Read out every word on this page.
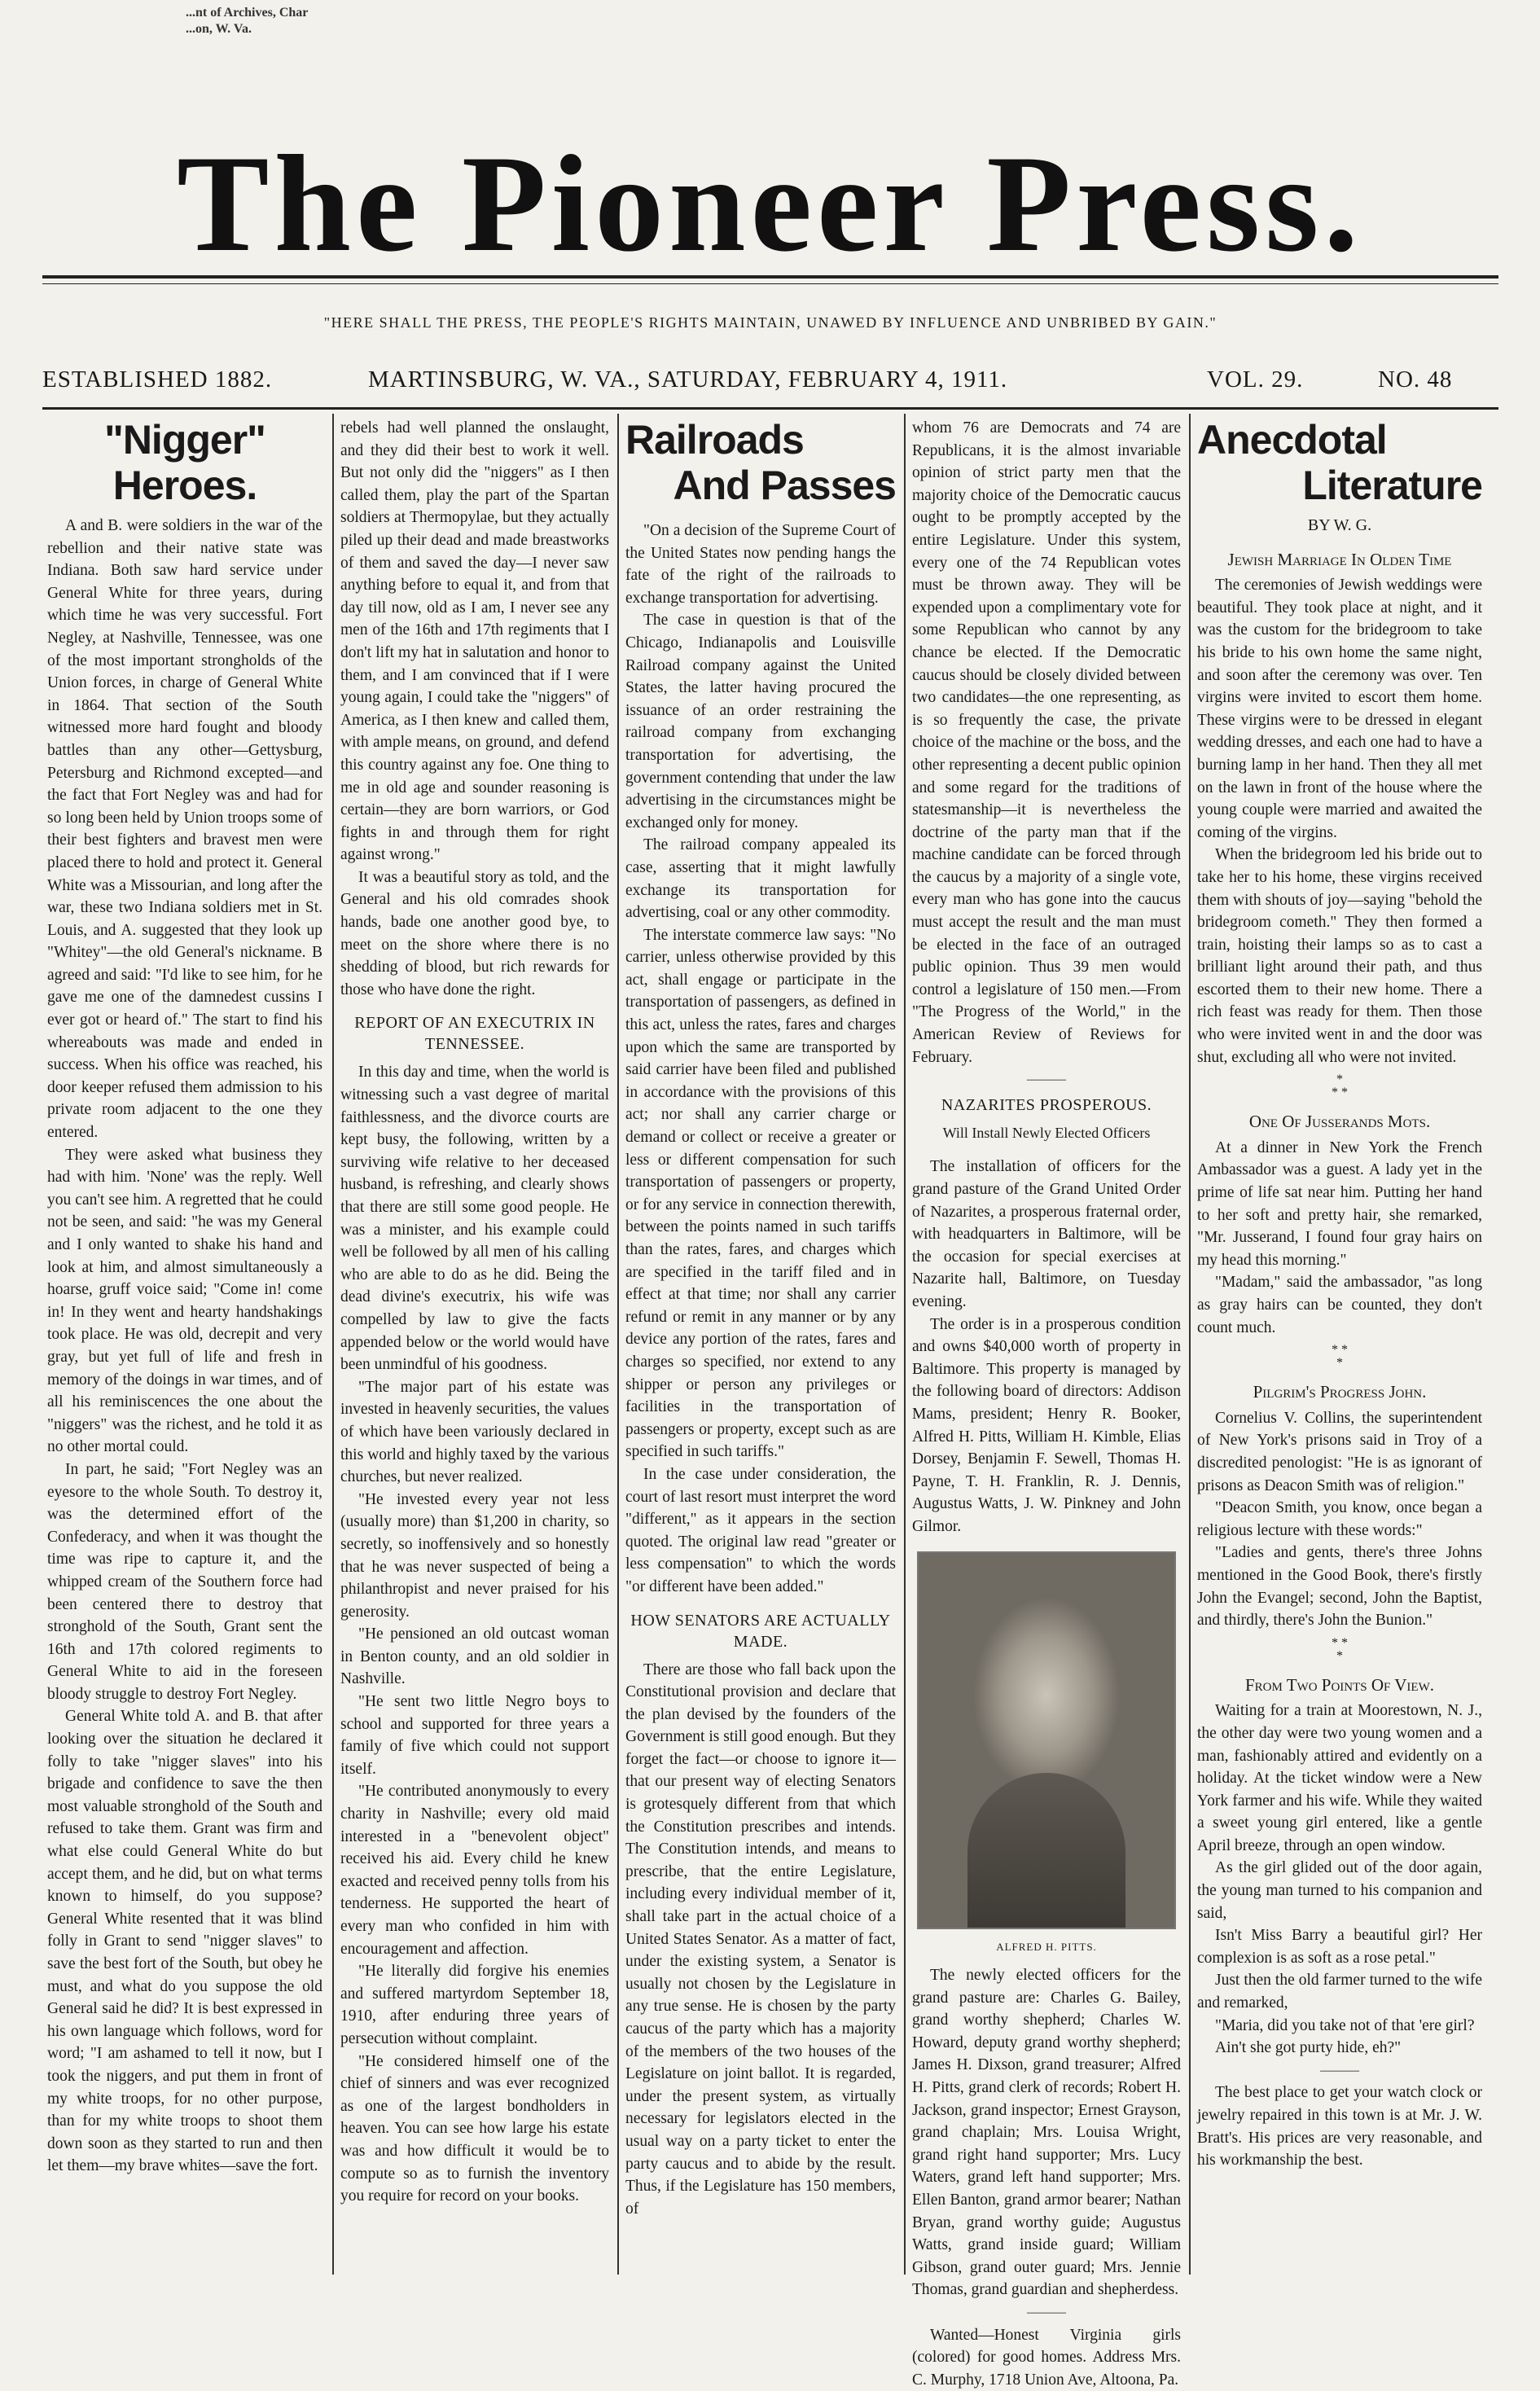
...nt of Archives, Char
...on, W. Va.
The Pioneer Press.
"HERE SHALL THE PRESS, THE PEOPLE'S RIGHTS MAINTAIN, UNAWED BY INFLUENCE AND UNBRIBED BY GAIN."
ESTABLISHED 1882.	MARTINSBURG, W. VA., SATURDAY, FEBRUARY 4, 1911.	VOL. 29.	NO. 48
"Nigger" Heroes.

A and B. were soldiers in the war of the rebellion and their native state was Indiana. Both saw hard service under General White for three years, during which time he was very successful. Fort Negley, at Nashville, Tennessee, was one of the most important strongholds of the Union forces, in charge of General White in 1864. That section of the South witnessed more hard fought and bloody battles than any other—Gettysburg, Petersburg and Richmond excepted—and the fact that Fort Negley was and had for so long been held by Union troops some of their best fighters and bravest men were placed there to hold and protect it. General White was a Missourian, and long after the war, these two Indiana soldiers met in St. Louis, and A. suggested that they look up "Whitey"—the old General's nickname. B agreed and said: "I'd like to see him, for he gave me one of the damnedest cussins I ever got or heard of." The start to find his whereabouts was made and ended in success. When his office was reached, his door keeper refused them admission to his private room adjacent to the one they entered.

They were asked what business they had with him. 'None' was the reply. Well you can't see him. A regretted that he could not be seen, and said: "he was my General and I only wanted to shake his hand and look at him, and almost simultaneously a hoarse, gruff voice said; "Come in! come in! In they went and hearty handshakings took place. He was old, decrepit and very gray, but yet full of life and fresh in memory of the doings in war times, and of all his reminiscences the one about the "niggers" was the richest, and he told it as no other mortal could.

In part, he said; "Fort Negley was an eyesore to the whole South. To destroy it, was the determined effort of the Confederacy, and when it was thought the time was ripe to capture it, and the whipped cream of the Southern force had been centered there to destroy that stronghold of the South, Grant sent the 16th and 17th colored regiments to General White to aid in the foreseen bloody struggle to destroy Fort Negley.

General White told A. and B. that after looking over the situation he declared it folly to take "nigger slaves" into his brigade and confidence to save the then most valuable stronghold of the South and refused to take them. Grant was firm and what else could General White do but accept them, and he did, but on what terms known to himself, do you suppose? General White resented that it was blind folly in Grant to send "nigger slaves" to save the best fort of the South, but obey he must, and what do you suppose the old General said he did? It is best expressed in his own language which follows, word for word; "I am ashamed to tell it now, but I took the niggers, and put them in front of my white troops, for no other purpose, than for my white troops to shoot them down soon as they started to run and then let them—my brave whites—save the fort.

rebels had well planned the onslaught, and they did their best to work it well. But not only did the "niggers" as I then called them, play the part of the Spartan soldiers at Thermopylae, but they actually piled up their dead and made breastworks of them and saved the day—I never saw anything before to equal it, and from that day till now, old as I am, I never see any men of the 16th and 17th regiments that I don't lift my hat in salutation and honor to them, and I am convinced that if I were young again, I could take the "niggers" of America, as I then knew and called them, with ample means, on ground, and defend this country against any foe. One thing to me in old age and sounder reasoning is certain—they are born warriors, or God fights in and through them for right against wrong."

It was a beautiful story as told, and the General and his old comrades shook hands, bade one another good bye, to meet on the shore where there is no shedding of blood, but rich rewards for those who have done the right.

REPORT OF AN EXECUTRIX IN TENNESSEE.

In this day and time, when the world is witnessing such a vast degree of marital faithlessness, and the divorce courts are kept busy, the following, written by a surviving wife relative to her deceased husband, is refreshing, and clearly shows that there are still some good people. He was a minister, and his example could well be followed by all men of his calling who are able to do as he did. Being the dead divine's executrix, his wife was compelled by law to give the facts appended below or the world would have been unmindful of his goodness.

"The major part of his estate was invested in heavenly securities, the values of which have been variously declared in this world and highly taxed by the various churches, but never realized.

"He invested every year not less (usually more) than $1,200 in charity, so secretly, so inoffensively and so honestly that he was never suspected of being a philanthropist and never praised for his generosity.

"He pensioned an old outcast woman in Benton county, and an old soldier in Nashville.

"He sent two little Negro boys to school and supported for three years a family of five which could not support itself.

"He contributed anonymously to every charity in Nashville; every old maid interested in a "benevolent object" received his aid. Every child he knew exacted and received penny tolls from his tenderness. He supported the heart of every man who confided in him with encouragement and affection.

"He literally did forgive his enemies and suffered martyrdom September 18, 1910, after enduring three years of persecution without complaint.

"He considered himself one of the chief of sinners and was ever recognized as one of the largest bondholders in heaven. You can see how large his estate was and how difficult it would be to compute so as to furnish the inventory you require for record on your books.

Railroads
And Passes

"On a decision of the Supreme Court of the United States now pending hangs the fate of the right of the railroads to exchange transportation for advertising.

The case in question is that of the Chicago, Indianapolis and Louisville Railroad company against the United States, the latter having procured the issuance of an order restraining the railroad company from exchanging transportation for advertising, the government contending that under the law advertising in the circumstances might be exchanged only for money.

The railroad company appealed its case, asserting that it might lawfully exchange its transportation for advertising, coal or any other commodity.

The interstate commerce law says: "No carrier, unless otherwise provided by this act, shall engage or participate in the transportation of passengers, as defined in this act, unless the rates, fares and charges upon which the same are transported by said carrier have been filed and published in accordance with the provisions of this act; nor shall any carrier charge or demand or collect or receive a greater or less or different compensation for such transportation of passengers or property, or for any service in connection therewith, between the points named in such tariffs than the rates, fares, and charges which are specified in the tariff filed and in effect at that time; nor shall any carrier refund or remit in any manner or by any device any portion of the rates, fares and charges so specified, nor extend to any shipper or person any privileges or facilities in the transportation of passengers or property, except such as are specified in such tariffs."

In the case under consideration, the court of last resort must interpret the word "different," as it appears in the section quoted. The original law read "greater or less compensation" to which the words "or different have been added."

HOW SENATORS ARE ACTUALLY MADE.

There are those who fall back upon the Constitutional provision and declare that the plan devised by the founders of the Government is still good enough. But they forget the fact—or choose to ignore it—that our present way of electing Senators is grotesquely different from that which the Constitution prescribes and intends. The Constitution intends, and means to prescribe, that the entire Legislature, including every individual member of it, shall take part in the actual choice of a United States Senator. As a matter of fact, under the existing system, a Senator is usually not chosen by the Legislature in any true sense. He is chosen by the party caucus of the party which has a majority of the members of the two houses of the Legislature on joint ballot. It is regarded, under the present system, as virtually necessary for legislators elected in the usual way on a party ticket to enter the party caucus and to abide by the result. Thus, if the Legislature has 150 members, of

whom 76 are Democrats and 74 are Republicans, it is the almost invariable opinion of strict party men that the majority choice of the Democratic caucus ought to be promptly accepted by the entire Legislature. Under this system, every one of the 74 Republican votes must be thrown away. They will be expended upon a complimentary vote for some Republican who cannot by any chance be elected. If the Democratic caucus should be closely divided between two candidates—the one representing, as is so frequently the case, the private choice of the machine or the boss, and the other representing a decent public opinion and some regard for the traditions of statesmanship—it is nevertheless the doctrine of the party man that if the machine candidate can be forced through the caucus by a majority of a single vote, every man who has gone into the caucus must accept the result and the man must be elected in the face of an outraged public opinion. Thus 39 men would control a legislature of 150 men.—From "The Progress of the World," in the American Review of Reviews for February.

———
NAZARITES PROSPEROUS.
Will Install Newly Elected Officers

The installation of officers for the grand pasture of the Grand United Order of Nazarites, a prosperous fraternal order, with headquarters in Baltimore, will be the occasion for special exercises at Nazarite hall, Baltimore, on Tuesday evening.

The order is in a prosperous condition and owns $40,000 worth of property in Baltimore. This property is managed by the following board of directors: Addison Mams, president; Henry R. Booker, Alfred H. Pitts, William H. Kimble, Elias Dorsey, Benjamin F. Sewell, Thomas H. Payne, T. H. Franklin, R. J. Dennis, Augustus Watts, J. W. Pinkney and John Gilmor.

ALFRED H. PITTS.

The newly elected officers for the grand pasture are: Charles G. Bailey, grand worthy shepherd; Charles W. Howard, deputy grand worthy shepherd; James H. Dixson, grand treasurer; Alfred H. Pitts, grand clerk of records; Robert H. Jackson, grand inspector; Ernest Grayson, grand chaplain; Mrs. Louisa Wright, grand right hand supporter; Mrs. Lucy Waters, grand left hand supporter; Mrs. Ellen Banton, grand armor bearer; Nathan Bryan, grand worthy guide; Augustus Watts, grand inside guard; William Gibson, grand outer guard; Mrs. Jennie Thomas, grand guardian and shepherdess.

———

Wanted—Honest Virginia girls (colored) for good homes. Address Mrs. C. Murphy, 1718 Union Ave, Altoona, Pa.

Anecdotal
Literature
BY W. G.
Jewish Marriage In Olden Time

The ceremonies of Jewish weddings were beautiful. They took place at night, and it was the custom for the bridegroom to take his bride to his own home the same night, and soon after the ceremony was over. Ten virgins were invited to escort them home. These virgins were to be dressed in elegant wedding dresses, and each one had to have a burning lamp in her hand. Then they all met on the lawn in front of the house where the young couple were married and awaited the coming of the virgins.

When the bridegroom led his bride out to take her to his home, these virgins received them with shouts of joy—saying "behold the bridegroom cometh." They then formed a train, hoisting their lamps so as to cast a brilliant light around their path, and thus escorted them to their new home. There a rich feast was ready for them. Then those who were invited went in and the door was shut, excluding all who were not invited.

*
* *
One Of Jusserands Mots.

At a dinner in New York the French Ambassador was a guest. A lady yet in the prime of life sat near him. Putting her hand to her soft and pretty hair, she remarked, "Mr. Jusserand, I found four gray hairs on my head this morning."

"Madam," said the ambassador, "as long as gray hairs can be counted, they don't count much.

* *
*
Pilgrim's Progress John.

Cornelius V. Collins, the superintendent of New York's prisons said in Troy of a discredited penologist: "He is as ignorant of prisons as Deacon Smith was of religion."

"Deacon Smith, you know, once began a religious lecture with these words:"

"Ladies and gents, there's three Johns mentioned in the Good Book, there's firstly John the Evangel; second, John the Baptist, and thirdly, there's John the Bunion."

* *
*
From Two Points Of View.

Waiting for a train at Moorestown, N. J., the other day were two young women and a man, fashionably attired and evidently on a holiday. At the ticket window were a New York farmer and his wife. While they waited a sweet young girl entered, like a gentle April breeze, through an open window.

As the girl glided out of the door again, the young man turned to his companion and said,

Isn't Miss Barry a beautiful girl? Her complexion is as soft as a rose petal."

Just then the old farmer turned to the wife and remarked,

"Maria, did you take not of that 'ere girl?

Ain't she got purty hide, eh?"

———

The best place to get your watch clock or jewelry repaired in this town is at Mr. J. W. Bratt's. His prices are very reasonable, and his workmanship the best.
